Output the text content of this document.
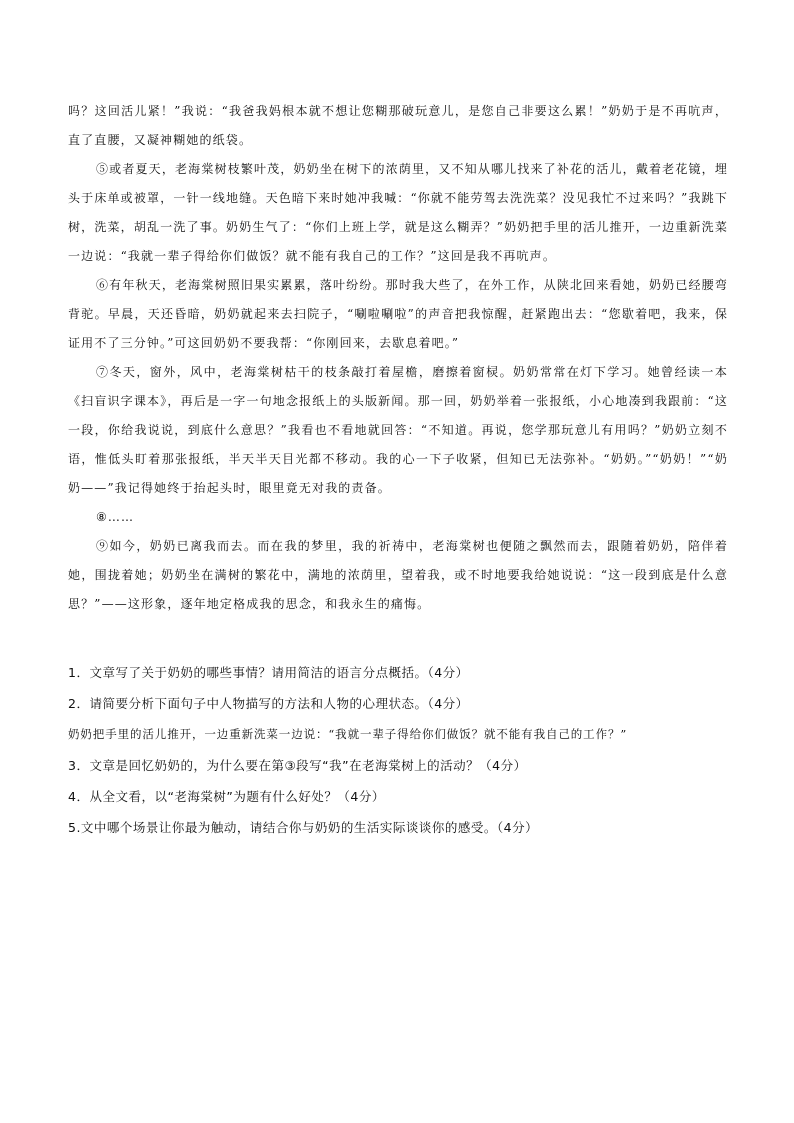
吗？这回活儿紧！”我说：“我爸我妈根本就不想让您糊那破玩意儿，是您自己非要这么累！”奶奶于是不再吭声，直了直腰，又凝神糊她的纸袋。

⑤或者夏天，老海棠树枝繁叶茂，奶奶坐在树下的浓荫里，又不知从哪儿找来了补花的活儿，戴着老花镜，埋头于床单或被罩，一针一线地缝。天色暗下来时她冲我喊：“你就不能劳驾去洗洗菜？没见我忙不过来吗？”我跳下树，洗菜，胡乱一洗了事。奶奶生气了：“你们上班上学，就是这么糊弄？”奶奶把手里的活儿推开，一边重新洗菜一边说：“我就一辈子得给你们做饭？就不能有我自己的工作？”这回是我不再吭声。

⑥有年秋天，老海棠树照旧果实累累，落叶纷纷。那时我大些了，在外工作，从陕北回来看她，奶奶已经腰弯背驼。早晨，天还昏暗，奶奶就起来去扫院子，“唰啦唰啦”的声音把我惊醒，赶紧跑出去：“您歇着吧，我来，保证用不了三分钟。”可这回奶奶不要我帮：“你刚回来，去歇息着吧。”

⑦冬天，窗外，风中，老海棠树枯干的枝条敲打着屋檐，磨擦着窗棂。奶奶常常在灯下学习。她曾经读一本《扫盲识字课本》，再后是一字一句地念报纸上的头版新闻。那一回，奶奶举着一张报纸，小心地凑到我跟前：“这一段，你给我说说，到底什么意思？”我看也不看地就回答：“不知道。再说，您学那玩意儿有用吗？”奶奶立刻不语，惟低头盯着那张报纸，半天半天目光都不移动。我的心一下子收紧，但知已无法弥补。“奶奶。”“奶奶！”“奶奶——”我记得她终于抬起头时，眼里竟无对我的责备。

⑧……

⑨如今，奶奶已离我而去。而在我的梦里，我的祈祷中，老海棠树也便随之飘然而去，跟随着奶奶，陪伴着她，围拢着她；奶奶坐在满树的繁花中，满地的浓荫里，望着我，或不时地要我给她说说：“这一段到底是什么意思？”——这形象，逐年地定格成我的思念，和我永生的痛悔。

1．文章写了关于奶奶的哪些事情？请用简洁的语言分点概括。（4分）

2．请简要分析下面句子中人物描写的方法和人物的心理状态。（4分）

奶奶把手里的活儿推开，一边重新洗菜一边说：“我就一辈子得给你们做饭？就不能有我自己的工作？”

3．文章是回忆奶奶的，为什么要在第③段写“我”在老海棠树上的活动？（4分）

4．从全文看，以“老海棠树”为题有什么好处？（4分）

5.文中哪个场景让你最为触动，请结合你与奶奶的生活实际谈谈你的感受。（4分）
